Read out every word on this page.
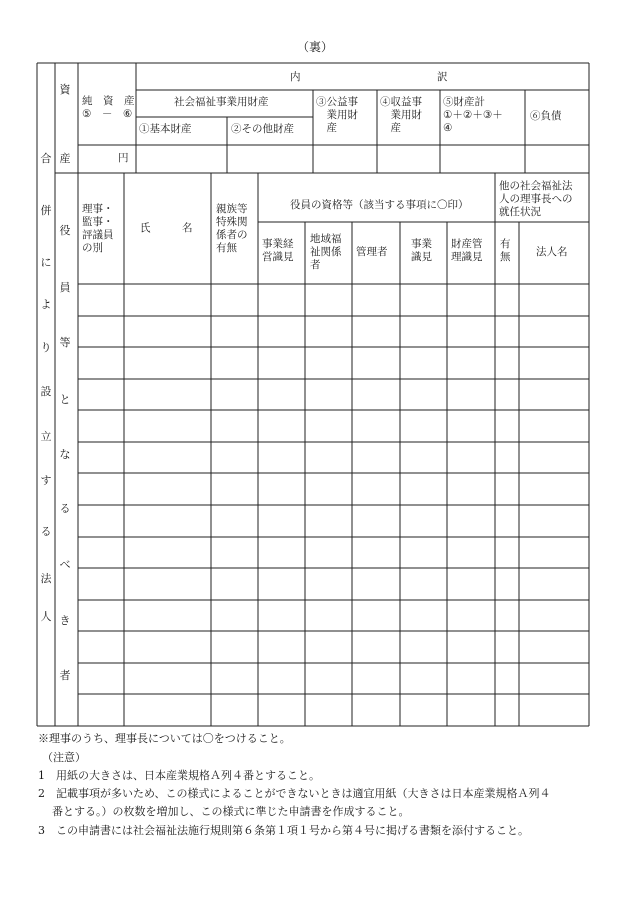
（裏）
合
併
に
よ
り
設
立
す
る
法
人
資
産
役
員
等
と
な
る
べ
き
者
内　　　　　　　　　　　　　訳
純　資　産
⑤　－　⑥
社会福祉事業用財産
①基本財産	②その他財産
③公益事
　業用財
　産
④収益事
　業用財
　産
⑤財産計
①＋②＋③＋
④
⑥負債
円
理事・
監事・
評議員
の別
氏　　　名
親族等
特殊関
係者の
有無
役員の資格等（該当する事項に〇印）
他の社会福祉法
人の理事長への
就任状況
事業経
営識見
地域福
祉関係
者
管理者
事業
識見
財産管
理識見
有
無 法人名
※理事のうち、理事長については〇をつけること。
（注意）
1　用紙の大きさは、日本産業規格Ａ列４番とすること。
2　記載事項が多いため、この様式によることができないときは適宜用紙（大きさは日本産業規格Ａ列４
番とする。）の枚数を増加し、この様式に準じた申請書を作成すること。
3　この申請書には社会福祉法施行規則第６条第１項１号から第４号に掲げる書類を添付すること。
